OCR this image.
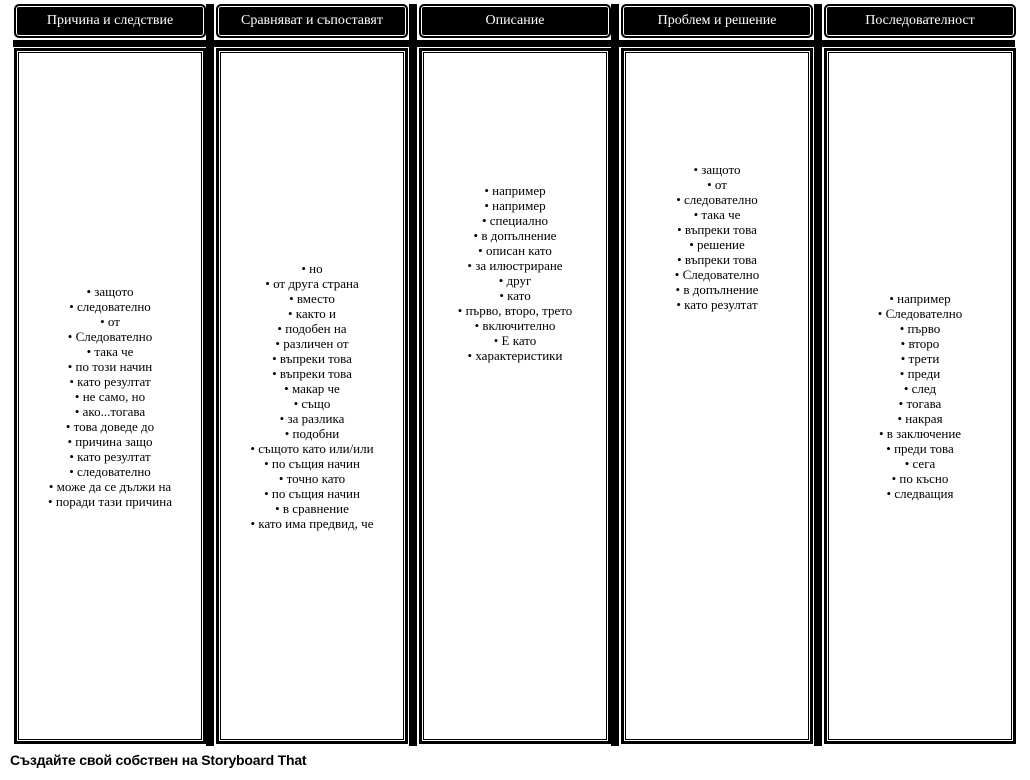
Причина и следствие
• защото
• следователно
• от
• Следователно
• така че
• по този начин
• като резултат
• не само, но
• ако...тогава
• това доведе до
• причина защо
• като резултат
• следователно
• може да се дължи на
• поради тази причина
Сравняват и съпоставят
• но
• от друга страна
• вместо
• както и
• подобен на
• различен от
• въпреки това
• въпреки това
• макар че
• също
• за разлика
• подобни
• същото като или/или
• по същия начин
• точно като
• по същия начин
• в сравнение
• като има предвид, че
Описание
• например
• например
• специално
• в допълнение
• описан като
• за илюстриране
• друг
• като
• първо, второ, трето
• включително
• Е като
• характеристики
Проблем и решение
• защото
• от
• следователно
• така че
• въпреки това
• решение
• въпреки това
• Следователно
• в допълнение
• като резултат
Последователност
• например
• Следователно
• първо
• второ
• трети
• преди
• след
• тогава
• накрая
• в заключение
• преди това
• сега
• по късно
• следващия
Създайте свой собствен на Storyboard That
